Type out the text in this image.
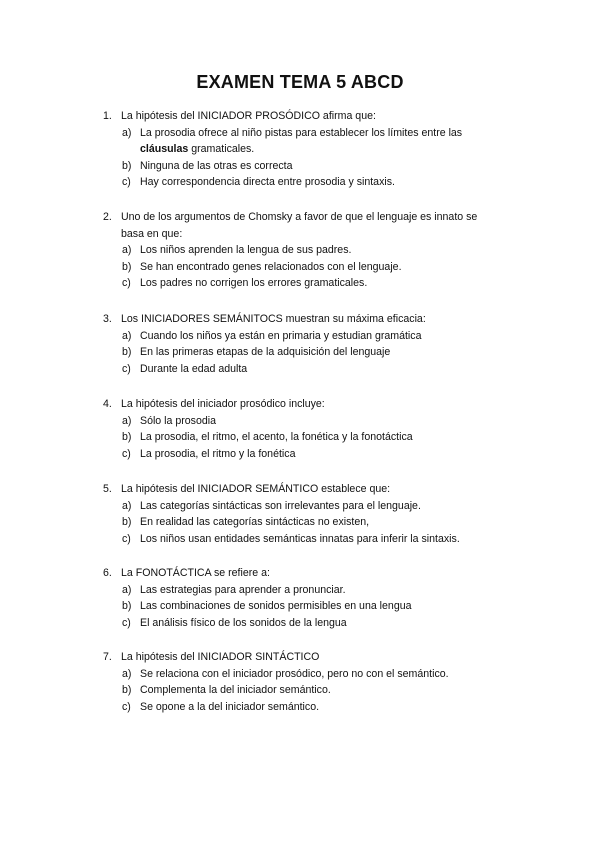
EXAMEN TEMA 5 ABCD
1. La hipótesis del INICIADOR PROSÓDICO afirma que:
a) La prosodia ofrece al niño pistas para establecer los límites entre las cláusulas gramaticales.
b) Ninguna de las otras es correcta
c) Hay correspondencia directa entre prosodia y sintaxis.
2. Uno de los argumentos de Chomsky a favor de que el lenguaje es innato se basa en que:
a) Los niños aprenden la lengua de sus padres.
b) Se han encontrado genes relacionados con el lenguaje.
c) Los padres no corrigen los errores gramaticales.
3. Los INICIADORES SEMÁNITOCS muestran su máxima eficacia:
a) Cuando los niños ya están en primaria y estudian gramática
b) En las primeras etapas de la adquisición del lenguaje
c) Durante la edad adulta
4. La hipótesis del iniciador prosódico incluye:
a) Sólo la prosodia
b) La prosodia, el ritmo, el acento, la fonética y la fonotáctica
c) La prosodia, el ritmo y la fonética
5. La hipótesis del INICIADOR SEMÁNTICO establece que:
a) Las categorías sintácticas son irrelevantes para el lenguaje.
b) En realidad las categorías sintácticas no existen,
c) Los niños usan entidades semánticas innatas para inferir la sintaxis.
6. La FONOTÁCTICA se refiere a:
a) Las estrategias para aprender a pronunciar.
b) Las combinaciones de sonidos permisibles en una lengua
c) El análisis físico de los sonidos de la lengua
7. La hipótesis del INICIADOR SINTÁCTICO
a) Se relaciona con el iniciador prosódico, pero no con el semántico.
b) Complementa la del iniciador semántico.
c) Se opone a la del iniciador semántico.
